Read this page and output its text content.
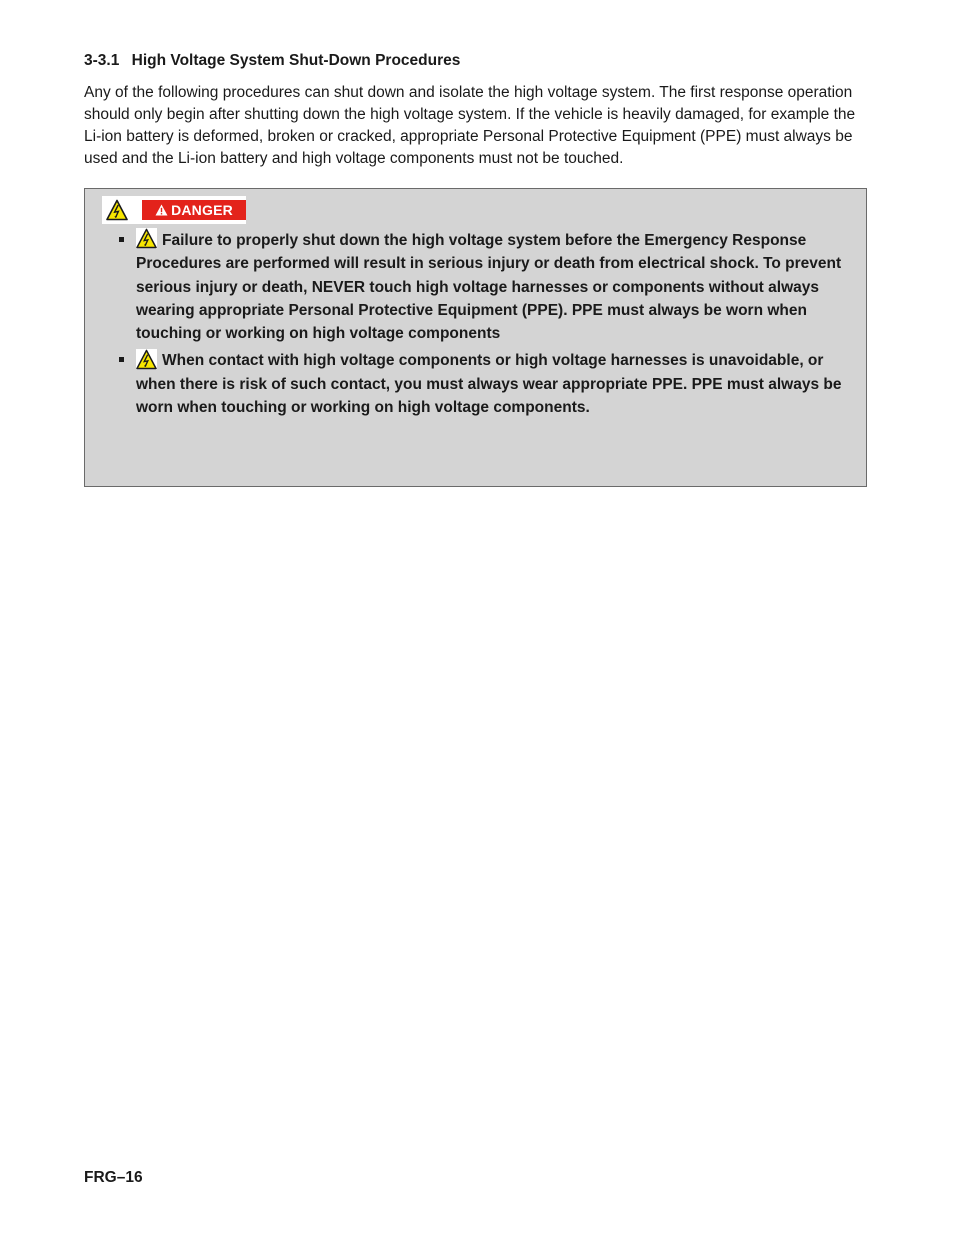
3-3.1 High Voltage System Shut-Down Procedures

Any of the following procedures can shut down and isolate the high voltage system. The first response operation should only begin after shutting down the high voltage system. If the vehicle is heavily damaged, for example the Li-ion battery is deformed, broken or cracked, appropriate Personal Protective Equipment (PPE) must always be used and the Li-ion battery and high voltage components must not be touched.

DANGER
Failure to properly shut down the high voltage system before the Emergency Response Procedures are performed will result in serious injury or death from electrical shock. To prevent serious injury or death, NEVER touch high voltage harnesses or components without always wearing appropriate Personal Protective Equipment (PPE). PPE must always be worn when touching or working on high voltage components
When contact with high voltage components or high voltage harnesses is unavoidable, or when there is risk of such contact, you must always wear appropriate PPE. PPE must always be worn when touching or working on high voltage components.

FRG–16
